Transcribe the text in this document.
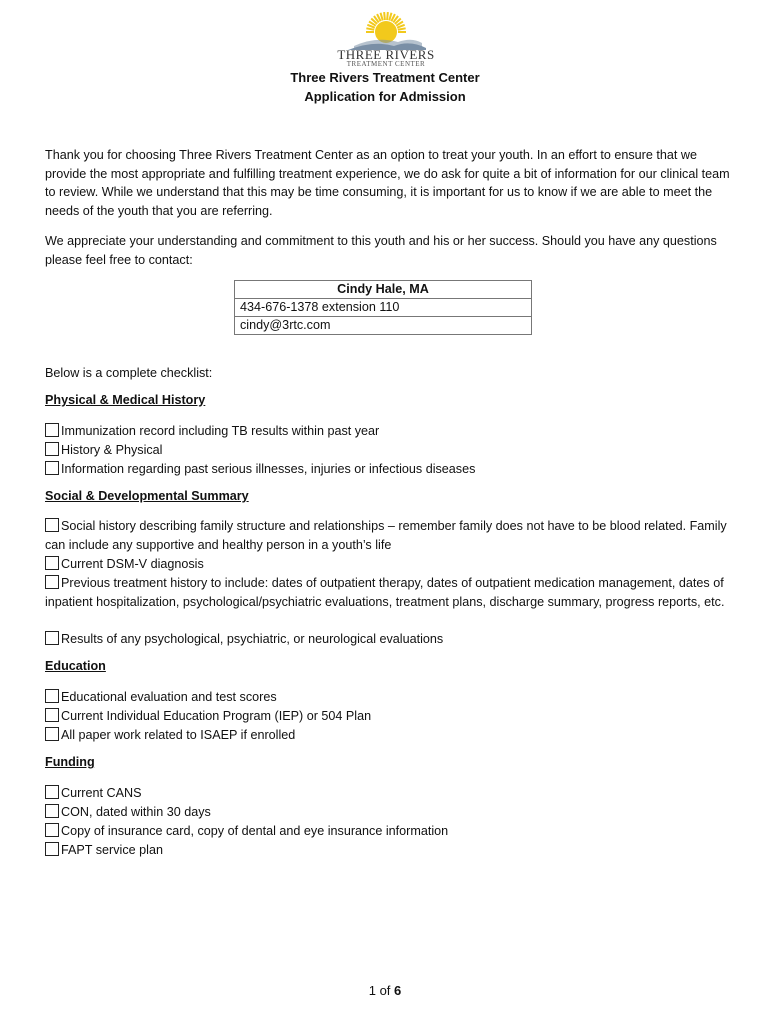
THREE RIVERS
TREATMENT CENTER
Three Rivers Treatment Center
Application for Admission
Thank you for choosing Three Rivers Treatment Center as an option to treat your youth. In an effort to ensure that we provide the most appropriate and fulfilling treatment experience, we do ask for quite a bit of information for our clinical team to review. While we understand that this may be time consuming, it is important for us to know if we are able to meet the needs of the youth that you are referring.
We appreciate your understanding and commitment to this youth and his or her success. Should you have any questions please feel free to contact:
Cindy Hale, MA
434-676-1378 extension 110
cindy@3rtc.com
Below is a complete checklist:
Physical & Medical History
Immunization record including TB results within past year
History & Physical
Information regarding past serious illnesses, injuries or infectious diseases
Social & Developmental Summary
Social history describing family structure and relationships – remember family does not have to be blood related. Family can include any supportive and healthy person in a youth’s life
Current DSM-V diagnosis
Previous treatment history to include: dates of outpatient therapy, dates of outpatient medication management, dates of inpatient hospitalization, psychological/psychiatric evaluations, treatment plans, discharge summary, progress reports, etc.
Results of any psychological, psychiatric, or neurological evaluations
Education
Educational evaluation and test scores
Current Individual Education Program (IEP) or 504 Plan
All paper work related to ISAEP if enrolled
Funding
Current CANS
CON, dated within 30 days
Copy of insurance card, copy of dental and eye insurance information
FAPT service plan
1 of 6
